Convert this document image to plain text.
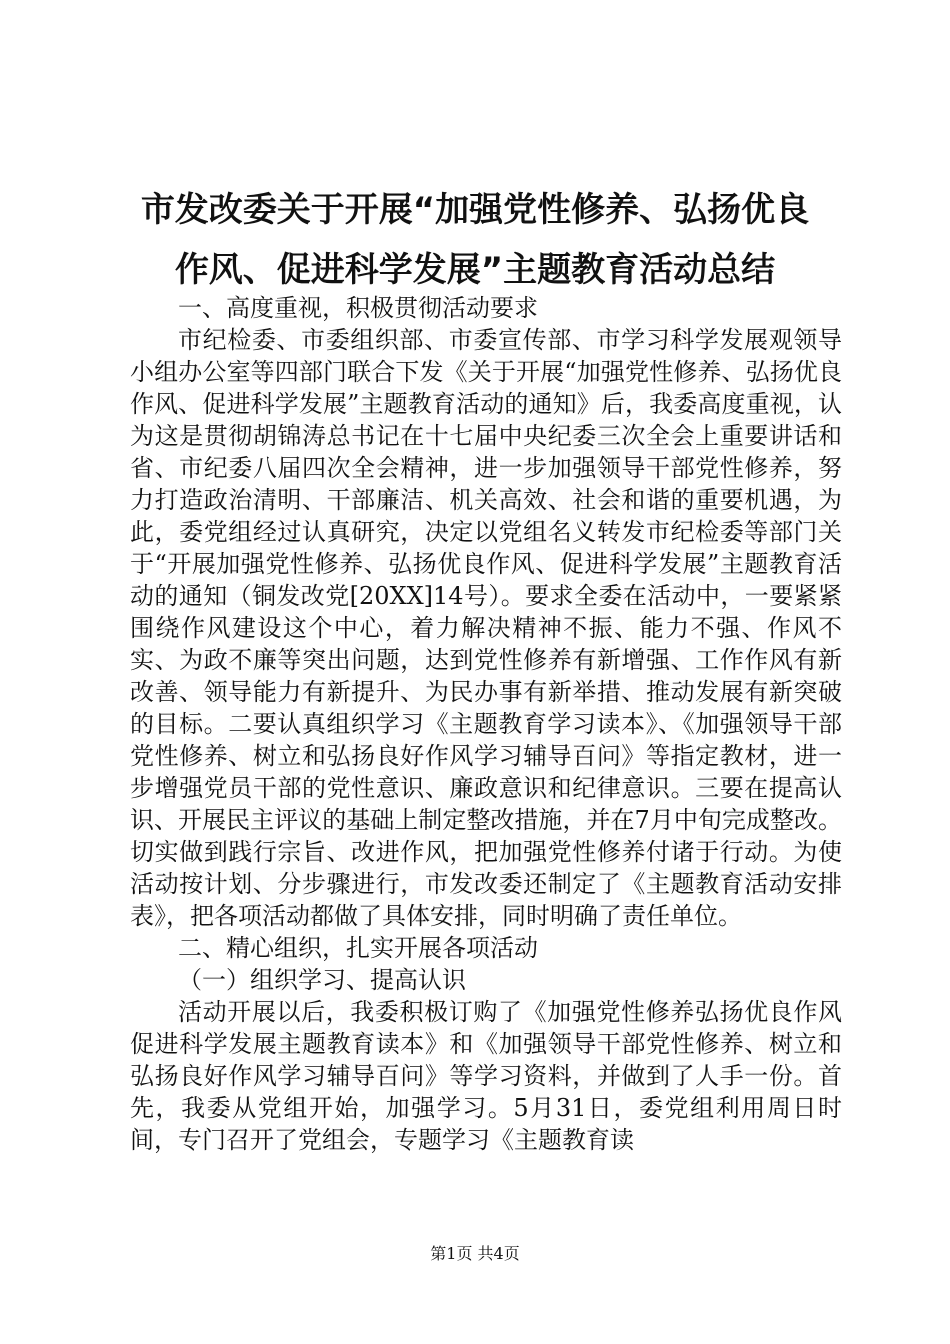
市发改委关于开展“加强党性修养、弘扬优良
作风、促进科学发展”主题教育活动总结

一、高度重视，积极贯彻活动要求

市纪检委、市委组织部、市委宣传部、市学习科学发展观领导小组办公室等四部门联合下发《关于开展“加强党性修养、弘扬优良作风、促进科学发展”主题教育活动的通知》后，我委高度重视，认为这是贯彻胡锦涛总书记在十七届中央纪委三次全会上重要讲话和省、市纪委八届四次全会精神，进一步加强领导干部党性修养，努力打造政治清明、干部廉洁、机关高效、社会和谐的重要机遇，为此，委党组经过认真研究，决定以党组名义转发市纪检委等部门关于“开展加强党性修养、弘扬优良作风、促进科学发展”主题教育活动的通知（铜发改党[20XX]14号）。要求全委在活动中，一要紧紧围绕作风建设这个中心，着力解决精神不振、能力不强、作风不实、为政不廉等突出问题，达到党性修养有新增强、工作作风有新改善、领导能力有新提升、为民办事有新举措、推动发展有新突破的目标。二要认真组织学习《主题教育学习读本》、《加强领导干部党性修养、树立和弘扬良好作风学习辅导百问》等指定教材，进一步增强党员干部的党性意识、廉政意识和纪律意识。三要在提高认识、开展民主评议的基础上制定整改措施，并在7月中旬完成整改。切实做到践行宗旨、改进作风，把加强党性修养付诸于行动。为使活动按计划、分步骤进行，市发改委还制定了《主题教育活动安排表》，把各项活动都做了具体安排，同时明确了责任单位。

二、精心组织，扎实开展各项活动

（一）组织学习、提高认识

活动开展以后，我委积极订购了《加强党性修养弘扬优良作风促进科学发展主题教育读本》和《加强领导干部党性修养、树立和弘扬良好作风学习辅导百问》等学习资料，并做到了人手一份。首先，我委从党组开始，加强学习。5月31日，委党组利用周日时间，专门召开了党组会，专题学习《主题教育读

第1页 共4页
